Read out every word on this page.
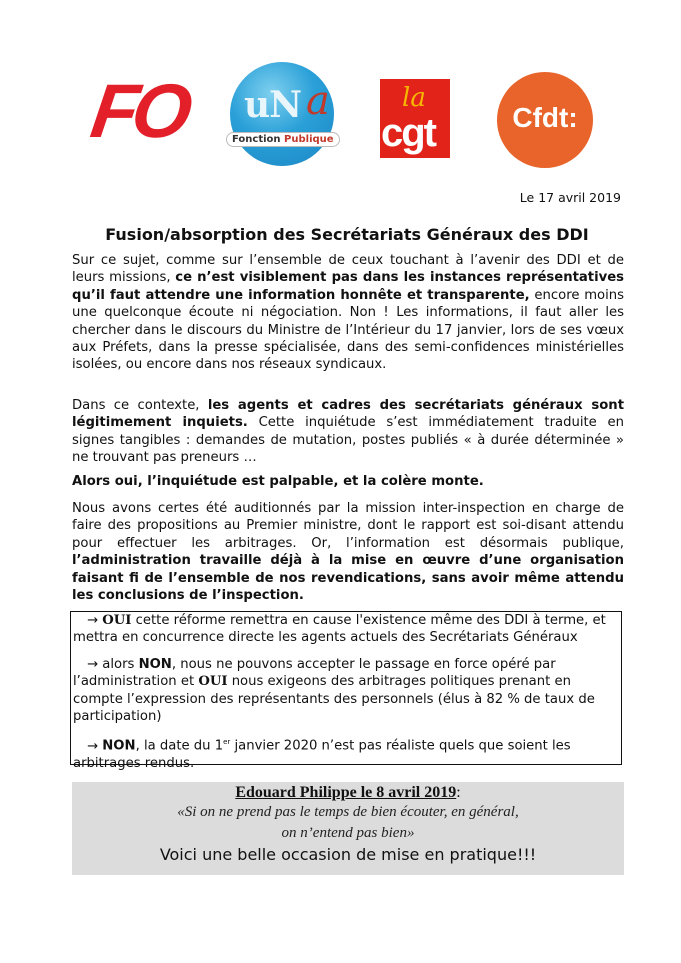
FO uN a
Fonction Publique
la
cgt	Cfdt:
Le 17 avril 2019
Fusion/absorption des Secrétariats Généraux des DDI
Sur ce sujet, comme sur l’ensemble de ceux touchant à l’avenir des DDI et de leurs missions, ce n’est visiblement pas dans les instances représentatives qu’il faut attendre une information honnête et transparente, encore moins une quelconque écoute ni négociation. Non ! Les informations, il faut aller les chercher dans le discours du Ministre de l’Intérieur du 17 janvier, lors de ses vœux aux Préfets, dans la presse spécialisée, dans des semi-confidences ministérielles isolées, ou encore dans nos réseaux syndicaux.
Dans ce contexte, les agents et cadres des secrétariats généraux sont légitimement inquiets. Cette inquiétude s’est immédiatement traduite en signes tangibles : demandes de mutation, postes publiés « à durée déterminée » ne trouvant pas preneurs …
Alors oui, l’inquiétude est palpable, et la colère monte.
Nous avons certes été auditionnés par la mission inter-inspection en charge de faire des propositions au Premier ministre, dont le rapport est soi-disant attendu pour effectuer les arbitrages. Or, l’information est désormais publique, l’administration travaille déjà à la mise en œuvre d’une organisation faisant fi de l’ensemble de nos revendications, sans avoir même attendu les conclusions de l’inspection.

→ OUI cette réforme remettra en cause l'existence même des DDI à terme, et mettra en concurrence directe les agents actuels des Secrétariats Généraux

→ alors NON, nous ne pouvons accepter le passage en force opéré par l’administration et OUI nous exigeons des arbitrages politiques prenant en compte l’expression des représentants des personnels (élus à 82 % de taux de participation)

→ NON, la date du 1er janvier 2020 n’est pas réaliste quels que soient les arbitrages rendus.

Edouard Philippe le 8 avril 2019:
«Si on ne prend pas le temps de bien écouter, en général,
on n’entend pas bien»
Voici une belle occasion de mise en pratique!!!
